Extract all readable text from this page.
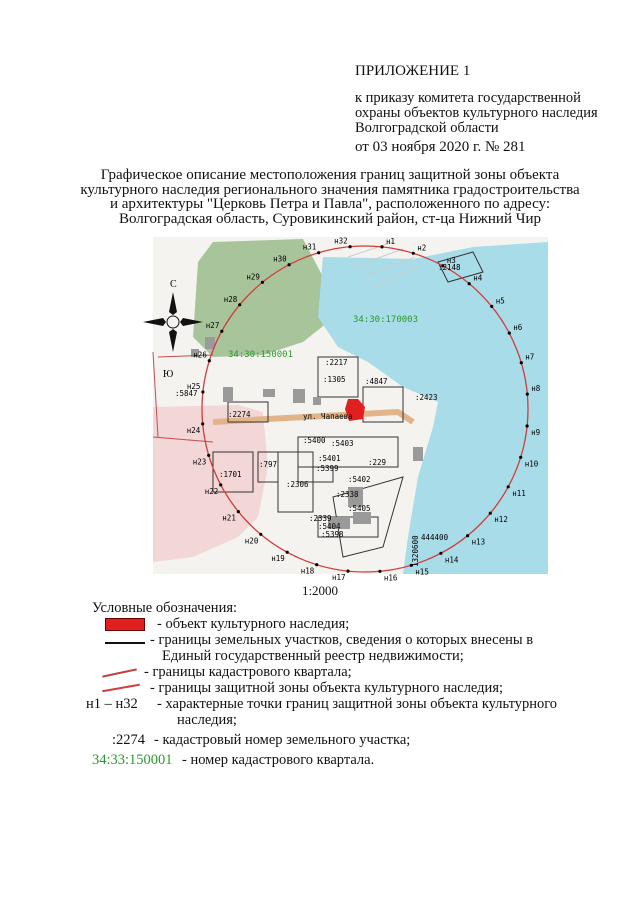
ПРИЛОЖЕНИЕ 1
к приказу комитета государственной
охраны объектов культурного наследия
Волгоградской области
от 03 ноября 2020 г. № 281
Графическое описание местоположения границ защитной зоны объекта
культурного наследия регионального значения памятника градостроительства
и архитектуры "Церковь Петра и Павла", расположенного по адресу:
Волгоградская область, Суровикинский район, ст-ца Нижний Чир
н1
н2
н3
н4
н5
н6
н7
н8
н9
н10
н11
н12
н13
н14
н15
н16
н17
н18
н19
н20
н21
н22
н23
н24
н25
н26
н27
н28
н29
н30
н31
н32
С
Ю
34:30:150001
34:30:170003
:2148
:2217
:1305	:4847
:2423
:5847
:2274
:5400 :5403
:5401
:5399
:229
:5402
:1701
:797
:2306
:2338
:5405
:2339
:5404
:5398
ул. Чапаева
444400
1320600
1:2000
Условные обозначения:
- объект культурного наследия;
- границы земельных участков, сведения о которых внесены в
Единый государственный реестр недвижимости;
- границы кадастрового квартала;
- границы защитной зоны объекта культурного наследия;
н1 – н32 - характерные точки границ защитной зоны объекта культурного
наследия;
:2274 - кадастровый номер земельного участка;
34:33:150001 - номер кадастрового квартала.
